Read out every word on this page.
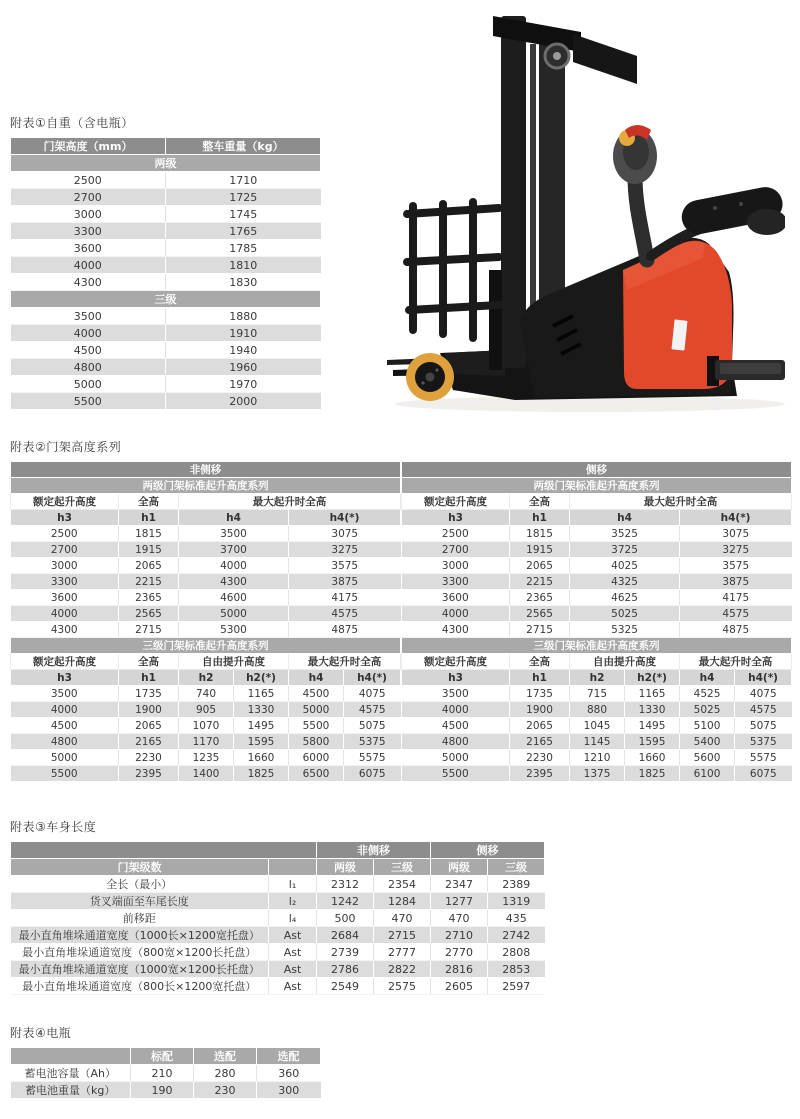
附表①自重（含电瓶）
门架高度（mm）	整车重量（kg）
两级	
2500	1710
2700	1725
3000	1745
3300	1765
3600	1785
4000	1810
4300	1830
三级	
3500	1880
4000	1910
4500	1940
4800	1960
5000	1970
5500	2000
附表②门架高度系列
非侧移					
两级门架标准起升高度系列					
额定起升高度	全高	最大起升时全高			
h3	h1	h4		h4(*)	
2500	1815	3500		3075	
2700	1915	3700		3275	
3000	2065	4000		3575	
3300	2215	4300		3875	
3600	2365	4600		4175	
4000	2565	5000		4575	
4300	2715	5300		4875	
三级门架标准起升高度系列					
额定起升高度	全高	自由提升高度		最大起升时全高	
h3	h1	h2	h2(*)	h4	h4(*)
3500	1735	740	1165	4500	4075
4000	1900	905	1330	5000	4575
4500	2065	1070	1495	5500	5075
4800	2165	1170	1595	5800	5375
5000	2230	1235	1660	6000	5575
5500	2395	1400	1825	6500	6075
侧移					
两级门架标准起升高度系列					
额定起升高度	全高	最大起升时全高			
h3	h1	h4		h4(*)	
2500	1815	3525		3075	
2700	1915	3725		3275	
3000	2065	4025		3575	
3300	2215	4325		3875	
3600	2365	4625		4175	
4000	2565	5025		4575	
4300	2715	5325		4875	
三级门架标准起升高度系列					
额定起升高度	全高	自由提升高度		最大起升时全高	
h3	h1	h2	h2(*)	h4	h4(*)
3500	1735	715	1165	4525	4075
4000	1900	880	1330	5025	4575
4500	2065	1045	1495	5100	5075
4800	2165	1145	1595	5400	5375
5000	2230	1210	1660	5600	5575
5500	2395	1375	1825	6100	6075
附表③车身长度
		非侧移		侧移	
门架级数		两级	三级	两级	三级
全长（最小）	l₁	2312	2354	2347	2389
货叉端面至车尾长度	l₂	1242	1284	1277	1319
前移距	l₄	500	470	470	435
最小直角堆垛通道宽度（1000长×1200宽托盘）	Ast	2684	2715	2710	2742
最小直角堆垛通道宽度（800宽×1200长托盘）	Ast	2739	2777	2770	2808
最小直角堆垛通道宽度（1000宽×1200长托盘）	Ast	2786	2822	2816	2853
最小直角堆垛通道宽度（800长×1200宽托盘）	Ast	2549	2575	2605	2597
附表④电瓶
	标配	选配	选配
蓄电池容量（Ah）	210	280	360
蓄电池重量（kg）	190	230	300
